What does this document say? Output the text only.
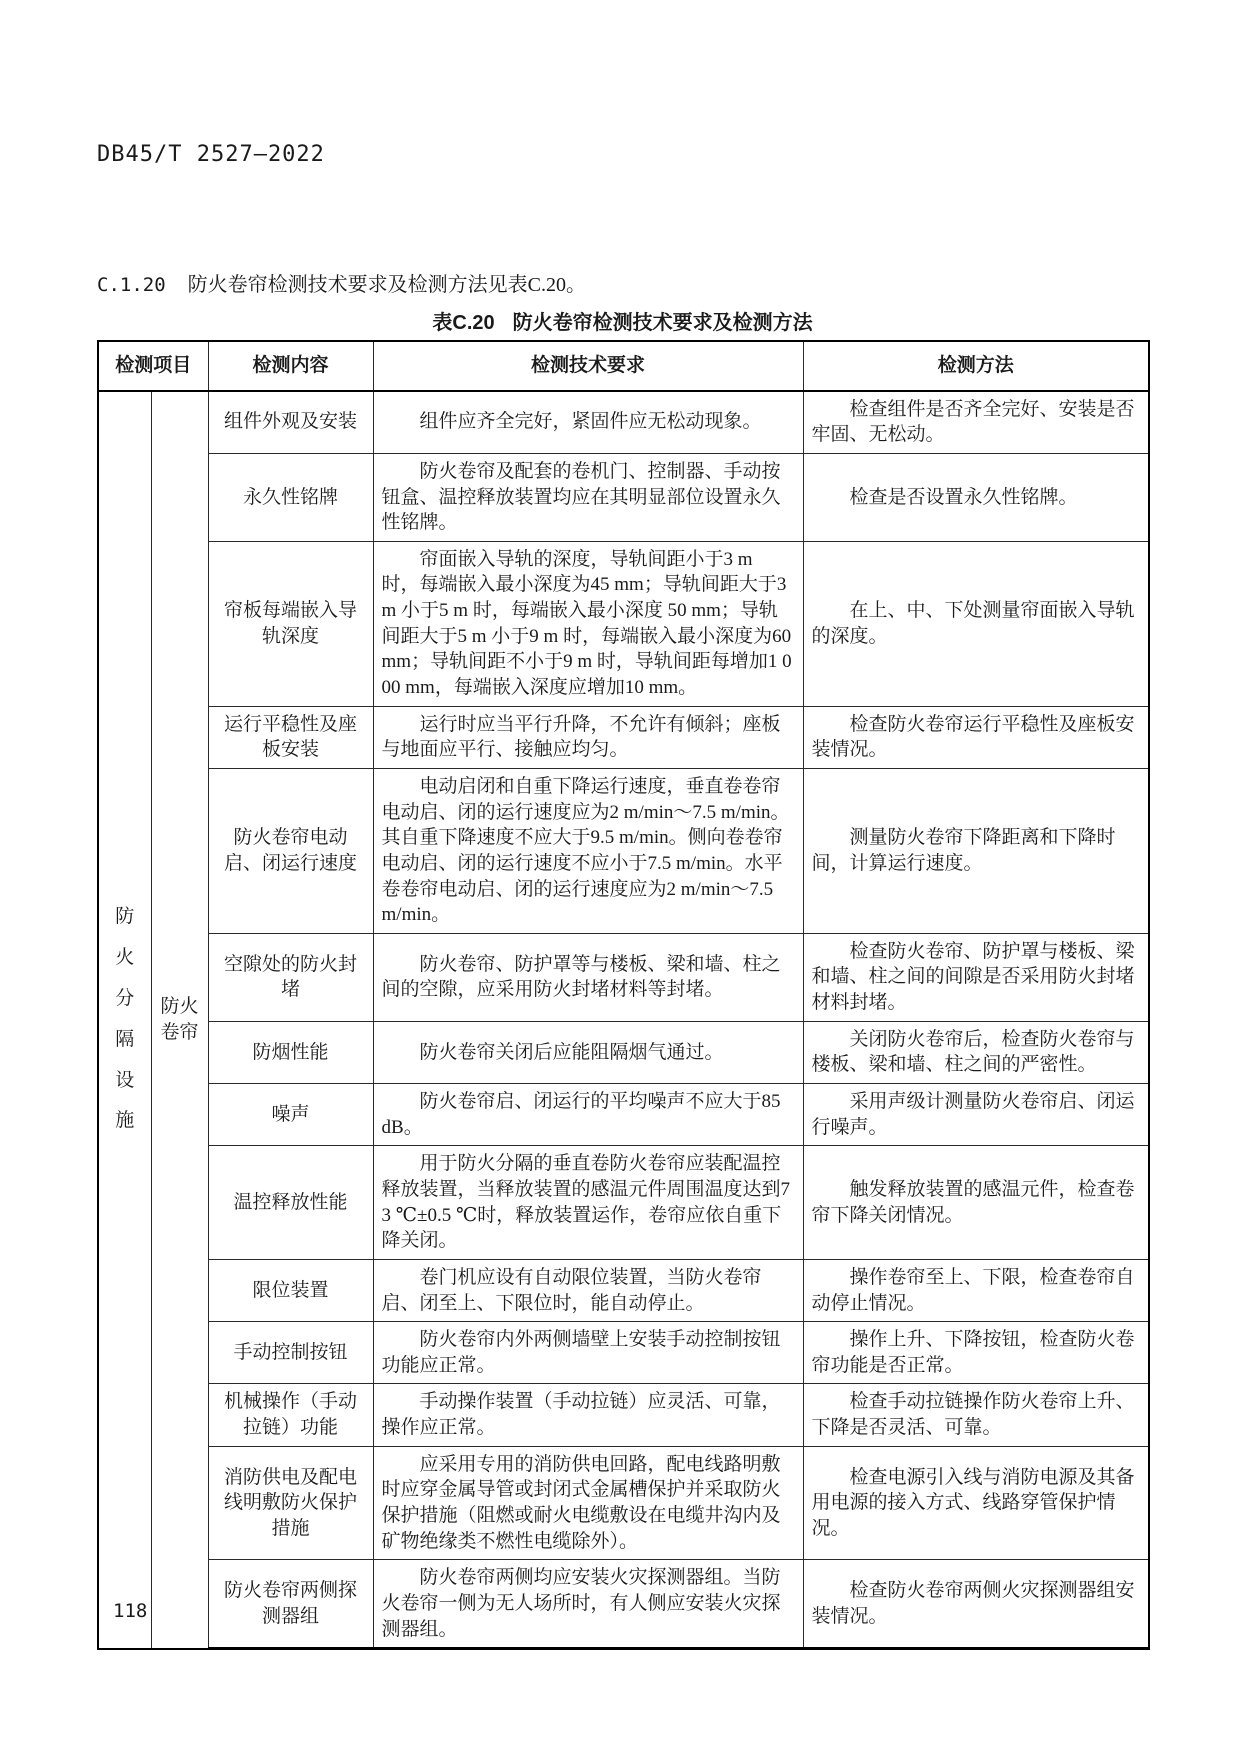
DB45/T 2527—2022

C.1.20 防火卷帘检测技术要求及检测方法见表C.20。

表C.20 防火卷帘检测技术要求及检测方法
检测项目		检测内容	检测技术要求	检测方法
防火分隔设施	防火卷帘	组件外观及安装	组件应齐全完好，紧固件应无松动现象。	检查组件是否齐全完好、安装是否牢固、无松动。
		永久性铭牌	防火卷帘及配套的卷机门、控制器、手动按钮盒、温控释放装置均应在其明显部位设置永久性铭牌。	检查是否设置永久性铭牌。
		帘板每端嵌入导轨深度	帘面嵌入导轨的深度，导轨间距小于3 m 时，每端嵌入最小深度为45 mm；导轨间距大于3 m 小于5 m 时，每端嵌入最小深度 50 mm；导轨间距大于5 m 小于9 m 时，每端嵌入最小深度为60 mm；导轨间距不小于9 m 时，导轨间距每增加1 000 mm，每端嵌入深度应增加10 mm。	在上、中、下处测量帘面嵌入导轨的深度。
		运行平稳性及座板安装	运行时应当平行升降，不允许有倾斜；座板与地面应平行、接触应均匀。	检查防火卷帘运行平稳性及座板安装情况。
		防火卷帘电动启、闭运行速度	电动启闭和自重下降运行速度，垂直卷卷帘电动启、闭的运行速度应为2 m/min～7.5 m/min。其自重下降速度不应大于9.5 m/min。侧向卷卷帘电动启、闭的运行速度不应小于7.5 m/min。水平卷卷帘电动启、闭的运行速度应为2 m/min～7.5 m/min。	测量防火卷帘下降距离和下降时间，计算运行速度。
		空隙处的防火封堵	防火卷帘、防护罩等与楼板、梁和墙、柱之间的空隙，应采用防火封堵材料等封堵。	检查防火卷帘、防护罩与楼板、梁和墙、柱之间的间隙是否采用防火封堵材料封堵。
		防烟性能	防火卷帘关闭后应能阻隔烟气通过。	关闭防火卷帘后，检查防火卷帘与楼板、梁和墙、柱之间的严密性。
		噪声	防火卷帘启、闭运行的平均噪声不应大于85 dB。	采用声级计测量防火卷帘启、闭运行噪声。
		温控释放性能	用于防火分隔的垂直卷防火卷帘应装配温控释放装置，当释放装置的感温元件周围温度达到73 ℃±0.5 ℃时，释放装置运作，卷帘应依自重下降关闭。	触发释放装置的感温元件，检查卷帘下降关闭情况。
		限位装置	卷门机应设有自动限位装置，当防火卷帘启、闭至上、下限位时，能自动停止。	操作卷帘至上、下限，检查卷帘自动停止情况。
		手动控制按钮	防火卷帘内外两侧墙壁上安装手动控制按钮功能应正常。	操作上升、下降按钮，检查防火卷帘功能是否正常。
		机械操作（手动拉链）功能	手动操作装置（手动拉链）应灵活、可靠，操作应正常。	检查手动拉链操作防火卷帘上升、下降是否灵活、可靠。
		消防供电及配电线明敷防火保护措施	应采用专用的消防供电回路，配电线路明敷时应穿金属导管或封闭式金属槽保护并采取防火保护措施（阻燃或耐火电缆敷设在电缆井沟内及矿物绝缘类不燃性电缆除外）。	检查电源引入线与消防电源及其备用电源的接入方式、线路穿管保护情况。
		防火卷帘两侧探测器组	防火卷帘两侧均应安装火灾探测器组。当防火卷帘一侧为无人场所时，有人侧应安装火灾探测器组。	检查防火卷帘两侧火灾探测器组安装情况。
118
